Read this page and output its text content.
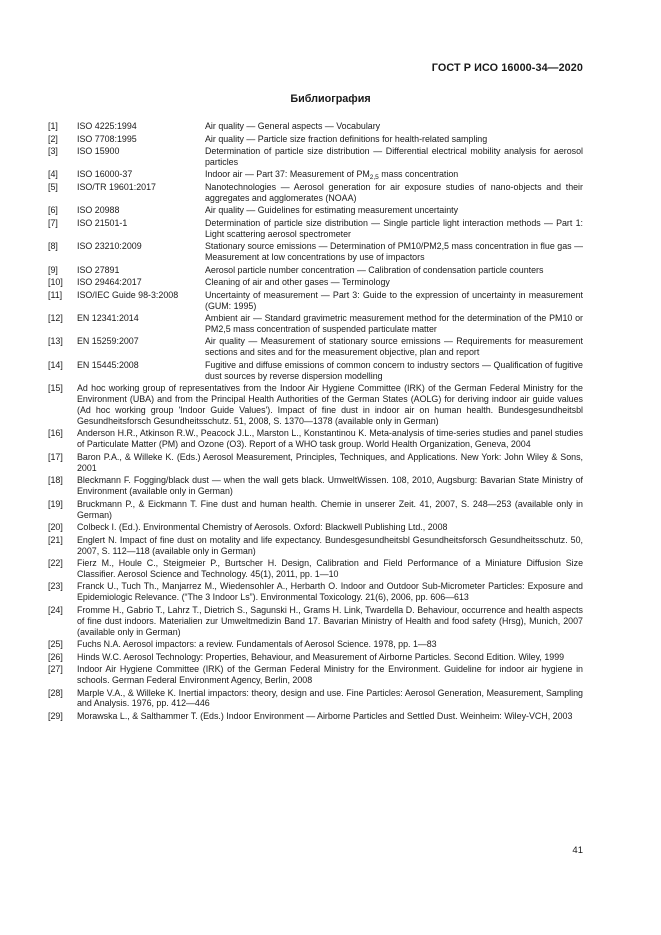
ГОСТ Р ИСО 16000-34—2020
Библиография
[1]	ISO 4225:1994	Air quality — General aspects — Vocabulary
[2]	ISO 7708:1995	Air quality — Particle size fraction definitions for health-related sampling
[3]	ISO 15900	Determination of particle size distribution — Differential electrical mobility analysis for aerosol particles
[4]	ISO 16000-37	Indoor air — Part 37: Measurement of $PM_{2,5}$ mass concentration
[5]	ISO/TR 19601:2017	Nanotechnologies — Aerosol generation for air exposure studies of nano-objects and their aggregates and agglomerates (NOAA)
[6]	ISO 20988	Air quality — Guidelines for estimating measurement uncertainty
[7]	ISO 21501-1	Determination of particle size distribution — Single particle light interaction methods — Part 1: Light scattering aerosol spectrometer
[8]	ISO 23210:2009	Stationary source emissions — Determination of PM10/PM2,5 mass concentration in flue gas — Measurement at low concentrations by use of impactors
[9]	ISO 27891	Aerosol particle number concentration — Calibration of condensation particle counters
[10]	ISO 29464:2017	Cleaning of air and other gases — Terminology
[11]	ISO/IEC Guide 98-3:2008	Uncertainty of measurement — Part 3: Guide to the expression of uncertainty in measurement (GUM: 1995)
[12]	EN 12341:2014	Ambient air — Standard gravimetric measurement method for the determination of the PM10 or PM2,5 mass concentration of suspended particulate matter
[13]	EN 15259:2007	Air quality — Measurement of stationary source emissions — Requirements for measurement sections and sites and for the measurement objective, plan and report
[14]	EN 15445:2008	Fugitive and diffuse emissions of common concern to industry sectors — Qualification of fugitive dust sources by reverse dispersion modelling
[15]	Ad hoc working group of representatives from the Indoor Air Hygiene Committee (IRK) of the German Federal Ministry for the Environment (UBA) and from the Principal Health Authorities of the German States (AOLG) for deriving indoor air guide values (Ad hoc working group 'Indoor Guide Values'). Impact of fine dust in indoor air on human health. Bundesgesundheitsbl Gesundheitsforsch Gesundheitsschutz. 51, 2008, S. 1370—1378 (available only in German)
[16]	Anderson H.R., Atkinson R.W., Peacock J.L., Marston L., Konstantinou K. Meta-analysis of time-series studies and panel studies of Particulate Matter (PM) and Ozone (O3). Report of a WHO task group. World Health Organization, Geneva, 2004
[17]	Baron P.A., & Willeke K. (Eds.) Aerosol Measurement, Principles, Techniques, and Applications. New York: John Wiley & Sons, 2001
[18]	Bleckmann F. Fogging/black dust — when the wall gets black. UmweltWissen. 108, 2010, Augsburg: Bavarian State Ministry of Environment (available only in German)
[19]	Bruckmann P., & Eickmann T. Fine dust and human health. Chemie in unserer Zeit. 41, 2007, S. 248—253 (available only in German)
[20]	Colbeck I. (Ed.). Environmental Chemistry of Aerosols. Oxford: Blackwell Publishing Ltd., 2008
[21]	Englert N. Impact of fine dust on motality and life expectancy. Bundesgesundheitsbl Gesundheitsforsch Gesundheitsschutz. 50, 2007, S. 112—118 (available only in German)
[22]	Fierz M., Houle C., Steigmeier P., Burtscher H. Design, Calibration and Field Performance of a Miniature Diffusion Size Classifier. Aerosol Science and Technology. 45(1), 2011, pp. 1—10
[23]	Franck U., Tuch Th., Manjarrez M., Wiedensohler A., Herbarth O. Indoor and Outdoor Sub-Micrometer Particles: Exposure and Epidemiologic Relevance. (“The 3 Indoor Ls”). Environmental Toxicology. 21(6), 2006, pp. 606—613
[24]	Fromme H., Gabrio T., Lahrz T., Dietrich S., Sagunski H., Grams H. Link, Twardella D. Behaviour, occurrence and health aspects of fine dust indoors. Materialien zur Umweltmedizin Band 17. Bavarian Ministry of Health and food safety (Hrsg), Munich, 2007 (available only in German)
[25]	Fuchs N.A. Aerosol impactors: a review. Fundamentals of Aerosol Science. 1978, pp. 1—83
[26]	Hinds W.C. Aerosol Technology: Properties, Behaviour, and Measurement of Airborne Particles. Second Edition. Wiley, 1999
[27]	Indoor Air Hygiene Committee (IRK) of the German Federal Ministry for the Environment. Guideline for indoor air hygiene in schools. German Federal Environment Agency, Berlin, 2008
[28]	Marple V.A., & Willeke K. Inertial impactors: theory, design and use. Fine Particles: Aerosol Generation, Measurement, Sampling and Analysis. 1976, pp. 412—446
[29]	Morawska L., & Salthammer T. (Eds.) Indoor Environment — Airborne Particles and Settled Dust. Weinheim: Wiley-VCH, 2003
41
